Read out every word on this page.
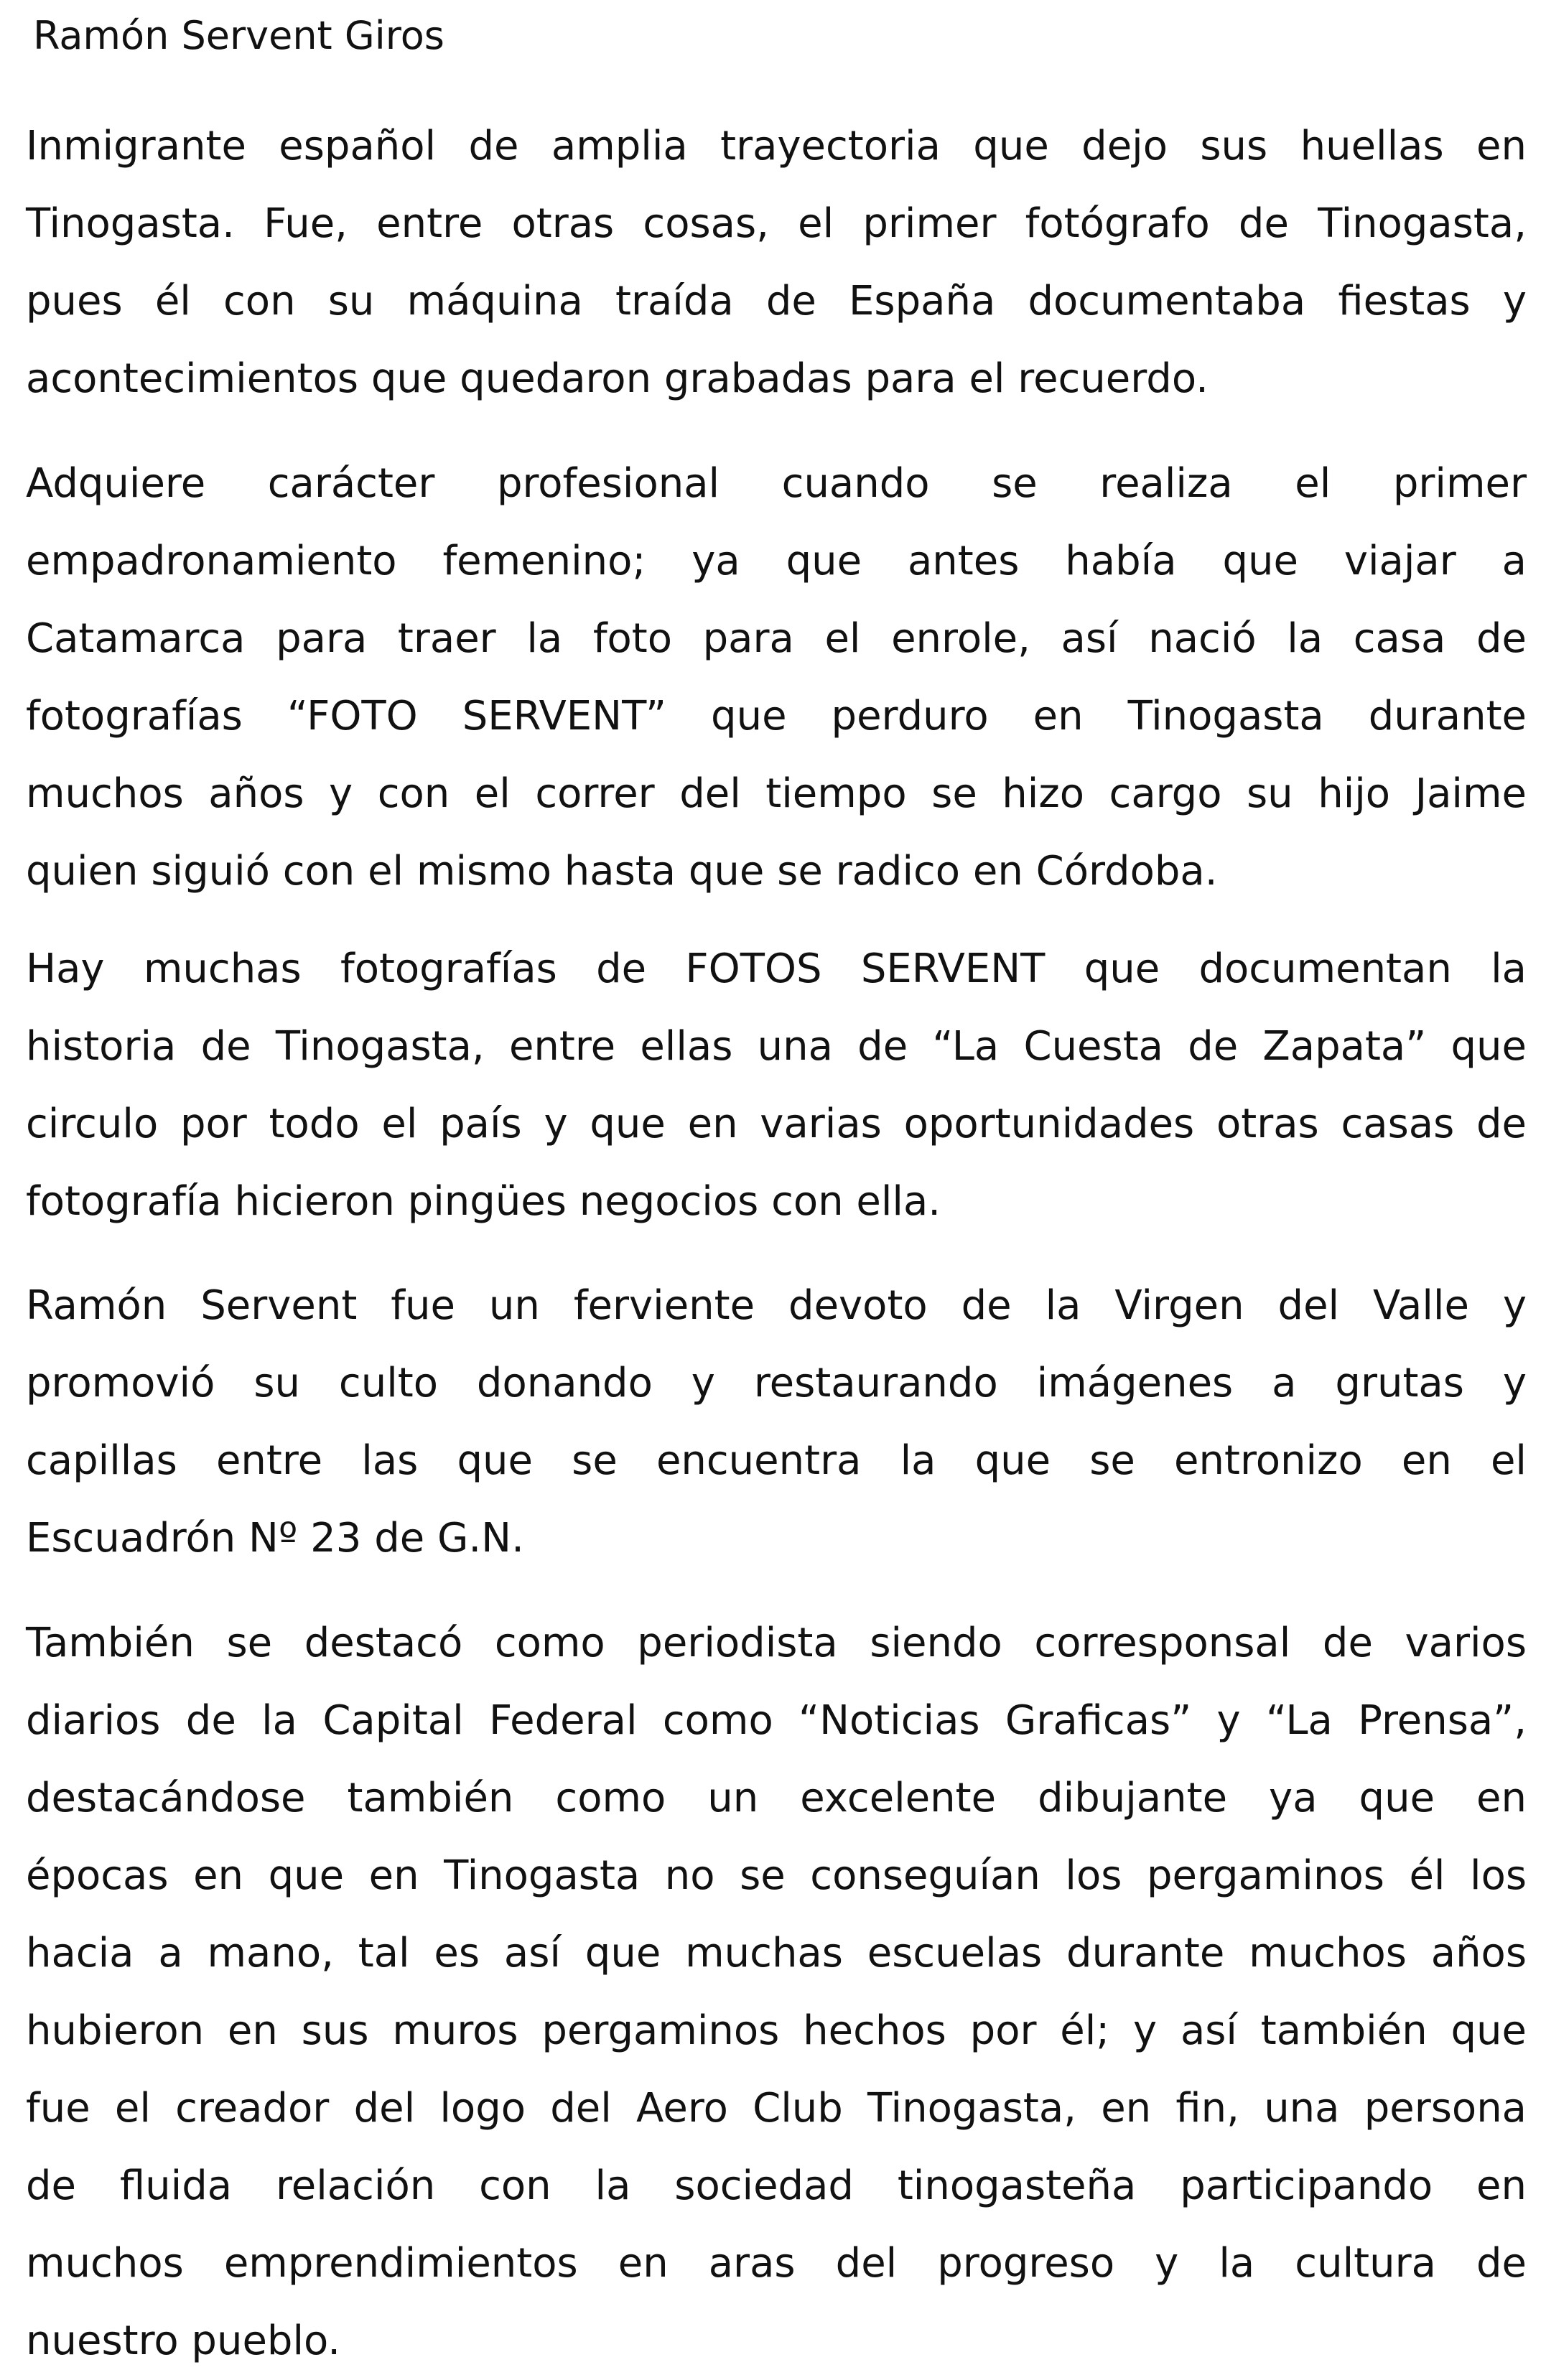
Ramón Servent Giros

Inmigrante español de amplia trayectoria que dejo sus huellas en
Tinogasta. Fue, entre otras cosas, el primer fotógrafo de Tinogasta,
pues él con su máquina traída de España documentaba fiestas y
acontecimientos que quedaron grabadas para el recuerdo.

Adquiere carácter profesional cuando se realiza el primer
empadronamiento femenino; ya que antes había que viajar a
Catamarca para traer la foto para el enrole, así nació la casa de
fotografías “FOTO SERVENT” que perduro en Tinogasta durante
muchos años y con el correr del tiempo se hizo cargo su hijo Jaime
quien siguió con el mismo hasta que se radico en Córdoba.

Hay muchas fotografías de FOTOS SERVENT que documentan la
historia de Tinogasta, entre ellas una de “La Cuesta de Zapata” que
circulo por todo el país y que en varias oportunidades otras casas de
fotografía hicieron pingües negocios con ella.

Ramón Servent fue un ferviente devoto de la Virgen del Valle y
promovió su culto donando y restaurando imágenes a grutas y
capillas entre las que se encuentra la que se entronizo en el
Escuadrón Nº 23 de G.N.

También se destacó como periodista siendo corresponsal de varios
diarios de la Capital Federal como “Noticias Graficas” y “La Prensa”,
destacándose también como un excelente dibujante ya que en
épocas en que en Tinogasta no se conseguían los pergaminos él los
hacia a mano, tal es así que muchas escuelas durante muchos años
hubieron en sus muros pergaminos hechos por él; y así también que
fue el creador del logo del Aero Club Tinogasta, en fin, una persona
de fluida relación con la sociedad tinogasteña participando en
muchos emprendimientos en aras del progreso y la cultura de
nuestro pueblo.
